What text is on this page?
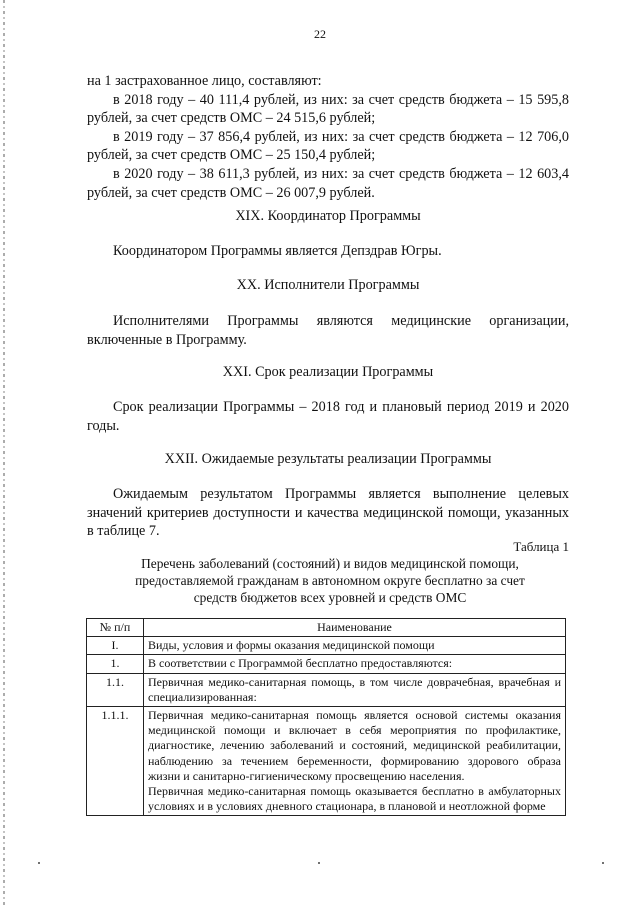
22

на 1 застрахованное лицо, составляют:

в 2018 году – 40 111,4 рублей, из них: за счет средств бюджета – 15 595,8 рублей, за счет средств ОМС – 24 515,6 рублей;

в 2019 году – 37 856,4 рублей, из них: за счет средств бюджета – 12 706,0 рублей, за счет средств ОМС – 25 150,4 рублей;

в 2020 году – 38 611,3 рублей, из них: за счет средств бюджета – 12 603,4 рублей, за счет средств ОМС – 26 007,9 рублей.

XIX. Координатор Программы

Координатором Программы является Депздрав Югры.

XX. Исполнители Программы

Исполнителями Программы являются медицинские организации, включенные в Программу.

XXI. Срок реализации Программы

Срок реализации Программы – 2018 год и плановый период 2019 и 2020 годы.

XXII. Ожидаемые результаты реализации Программы

Ожидаемым результатом Программы является выполнение целевых значений критериев доступности и качества медицинской помощи, указанных в таблице 7.

Таблица 1

Перечень заболеваний (состояний) и видов медицинской помощи, предоставляемой гражданам в автономном округе бесплатно за счет средств бюджетов всех уровней и средств ОМС

№ п/п	Наименование
I.	Виды, условия и формы оказания медицинской помощи
1.	В соответствии с Программой бесплатно предоставляются:
1.1.	Первичная медико-санитарная помощь, в том числе доврачебная, врачебная и специализированная:
1.1.1.	Первичная медико-санитарная помощь является основой системы оказания медицинской помощи и включает в себя мероприятия по профилактике, диагностике, лечению заболеваний и состояний, медицинской реабилитации, наблюдению за течением беременности, формированию здорового образа жизни и санитарно-гигиеническому просвещению населения.
Первичная медико-санитарная помощь оказывается бесплатно в амбулаторных условиях и в условиях дневного стационара, в плановой и неотложной форме
